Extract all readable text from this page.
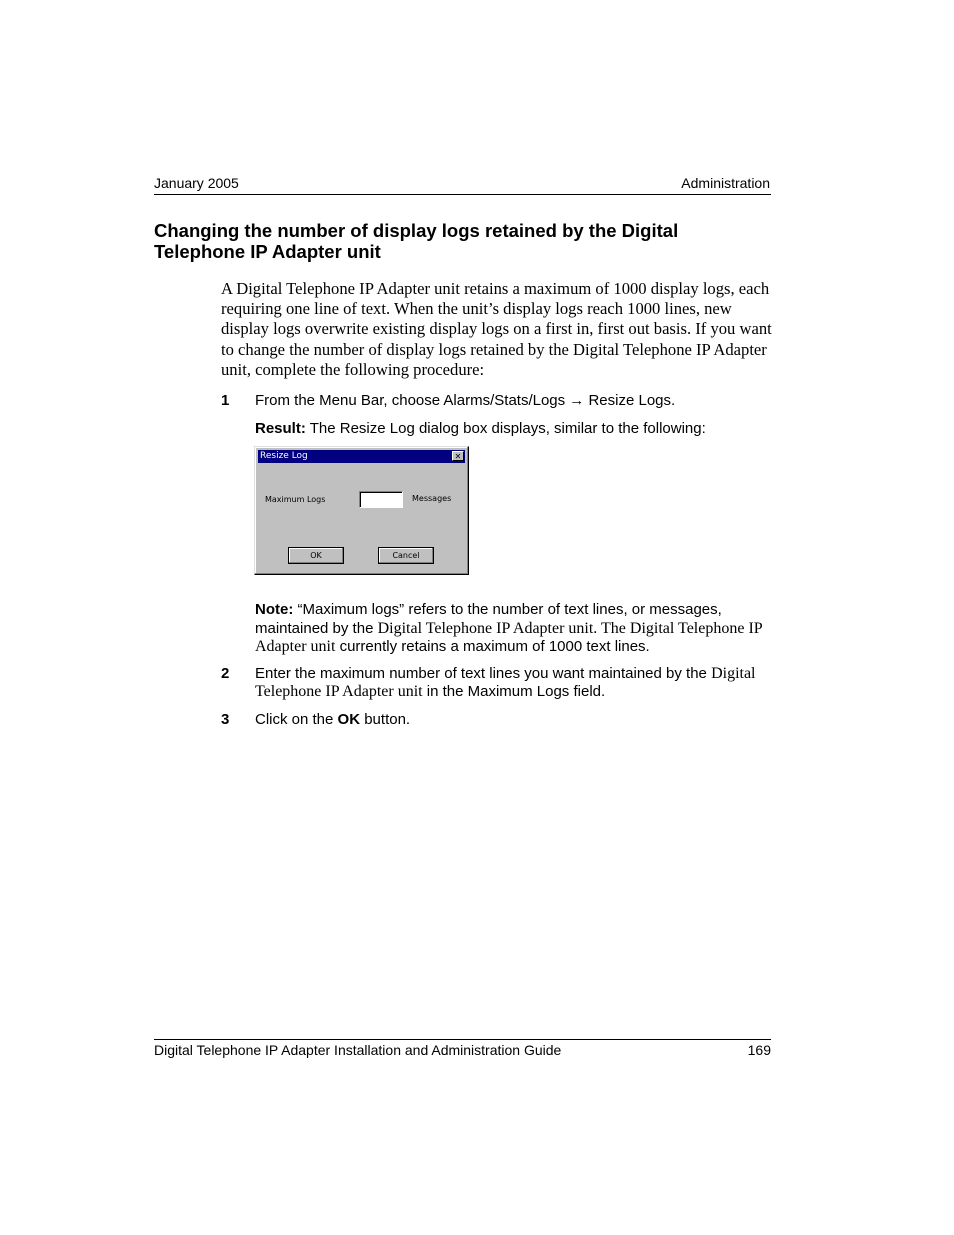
January 2005	Administration
Changing the number of display logs retained by the Digital Telephone IP Adapter unit
A Digital Telephone IP Adapter unit retains a maximum of 1000 display logs, each requiring one line of text. When the unit’s display logs reach 1000 lines, new display logs overwrite existing display logs on a first in, first out basis. If you want to change the number of display logs retained by the Digital Telephone IP Adapter unit, complete the following procedure:
1 From the Menu Bar, choose Alarms/Stats/Logs → Resize Logs.
Result: The Resize Log dialog box displays, similar to the following:
Resize Log	✕
Maximum Logs	Messages
OK	Cancel
Note: “Maximum logs” refers to the number of text lines, or messages, maintained by the Digital Telephone IP Adapter unit. The Digital Telephone IP Adapter unit currently retains a maximum of 1000 text lines.
2 Enter the maximum number of text lines you want maintained by the Digital Telephone IP Adapter unit in the Maximum Logs field.
3 Click on the OK button.
Digital Telephone IP Adapter Installation and Administration Guide	169
